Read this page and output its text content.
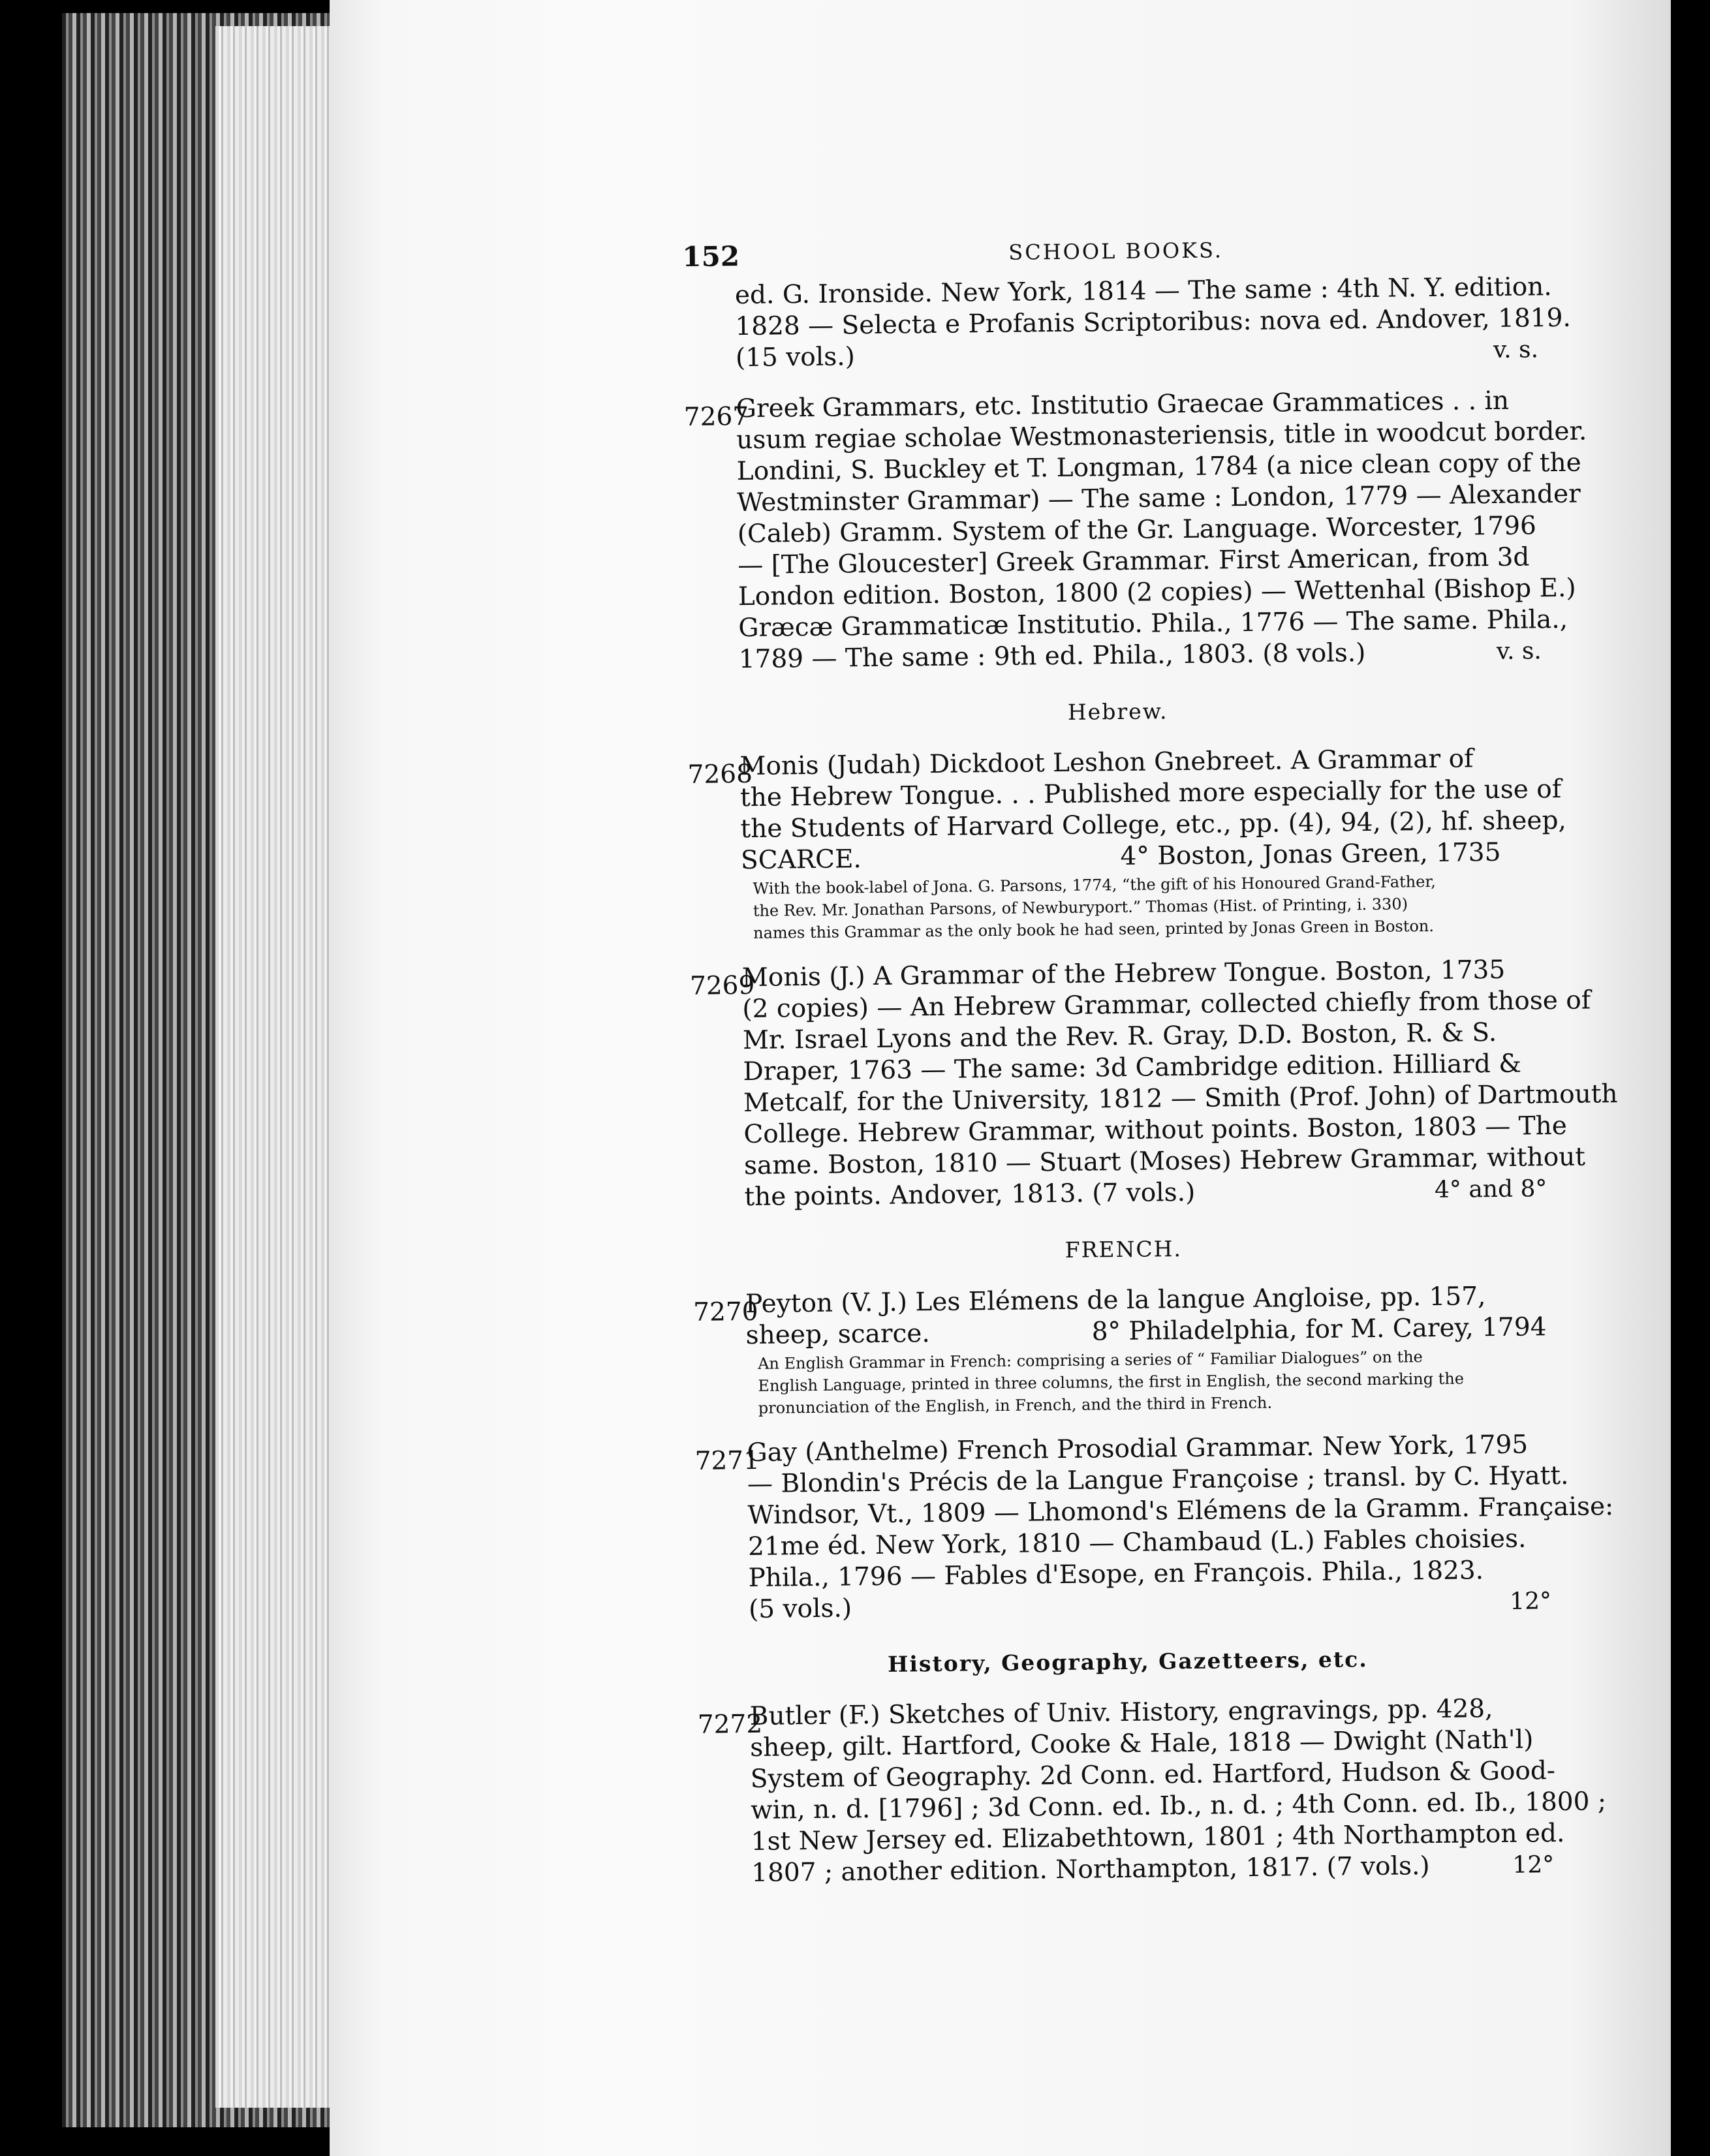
152	SCHOOL BOOKS.
ed. G. Ironside. New York, 1814 — The same : 4th N. Y. edition.
1828 — Selecta e Profanis Scriptoribus: nova ed. Andover, 1819.
(15 vols.)	v. s.
7267
Greek Grammars, etc. Institutio Graecae Grammatices . . in
usum regiae scholae Westmonasteriensis, title in woodcut border.
Londini, S. Buckley et T. Longman, 1784 (a nice clean copy of the
Westminster Grammar) — The same : London, 1779 — Alexander
(Caleb) Gramm. System of the Gr. Language. Worcester, 1796
— [The Gloucester] Greek Grammar. First American, from 3d
London edition. Boston, 1800 (2 copies) — Wettenhal (Bishop E.)
Græcæ Grammaticæ Institutio. Phila., 1776 — The same. Phila.,
1789 — The same : 9th ed. Phila., 1803. (8 vols.)	v. s.
Hebrew.
7268
Monis (Judah) Dickdoot Leshon Gnebreet. A Grammar of
the Hebrew Tongue. . . Published more especially for the use of
the Students of Harvard College, etc., pp. (4), 94, (2), hf. sheep,
SCARCE.                                4° Boston, Jonas Green, 1735
With the book-label of Jona. G. Parsons, 1774, “the gift of his Honoured Grand-Father,
the Rev. Mr. Jonathan Parsons, of Newburyport.” Thomas (Hist. of Printing, i. 330)
names this Grammar as the only book he had seen, printed by Jonas Green in Boston.
7269
Monis (J.) A Grammar of the Hebrew Tongue. Boston, 1735
(2 copies) — An Hebrew Grammar, collected chiefly from those of
Mr. Israel Lyons and the Rev. R. Gray, D.D. Boston, R. & S.
Draper, 1763 — The same: 3d Cambridge edition. Hilliard &
Metcalf, for the University, 1812 — Smith (Prof. John) of Dartmouth
College. Hebrew Grammar, without points. Boston, 1803 — The
same. Boston, 1810 — Stuart (Moses) Hebrew Grammar, without
the points. Andover, 1813. (7 vols.)	4° and 8°
FRENCH.
7270
Peyton (V. J.) Les Elémens de la langue Angloise, pp. 157,
sheep, scarce.                    8° Philadelphia, for M. Carey, 1794
An English Grammar in French: comprising a series of “ Familiar Dialogues” on the
English Language, printed in three columns, the first in English, the second marking the
pronunciation of the English, in French, and the third in French.
7271
Gay (Anthelme) French Prosodial Grammar. New York, 1795
— Blondin's Précis de la Langue Françoise ; transl. by C. Hyatt.
Windsor, Vt., 1809 — Lhomond's Elémens de la Gramm. Française:
21me éd. New York, 1810 — Chambaud (L.) Fables choisies.
Phila., 1796 — Fables d'Esope, en François. Phila., 1823.
(5 vols.)	12°
History, Geography, Gazetteers, etc.
7272
Butler (F.) Sketches of Univ. History, engravings, pp. 428,
sheep, gilt. Hartford, Cooke & Hale, 1818 — Dwight (Nath'l)
System of Geography. 2d Conn. ed. Hartford, Hudson & Good-
win, n. d. [1796] ; 3d Conn. ed. Ib., n. d. ; 4th Conn. ed. Ib., 1800 ;
1st New Jersey ed. Elizabethtown, 1801 ; 4th Northampton ed.
1807 ; another edition. Northampton, 1817. (7 vols.)	12°
